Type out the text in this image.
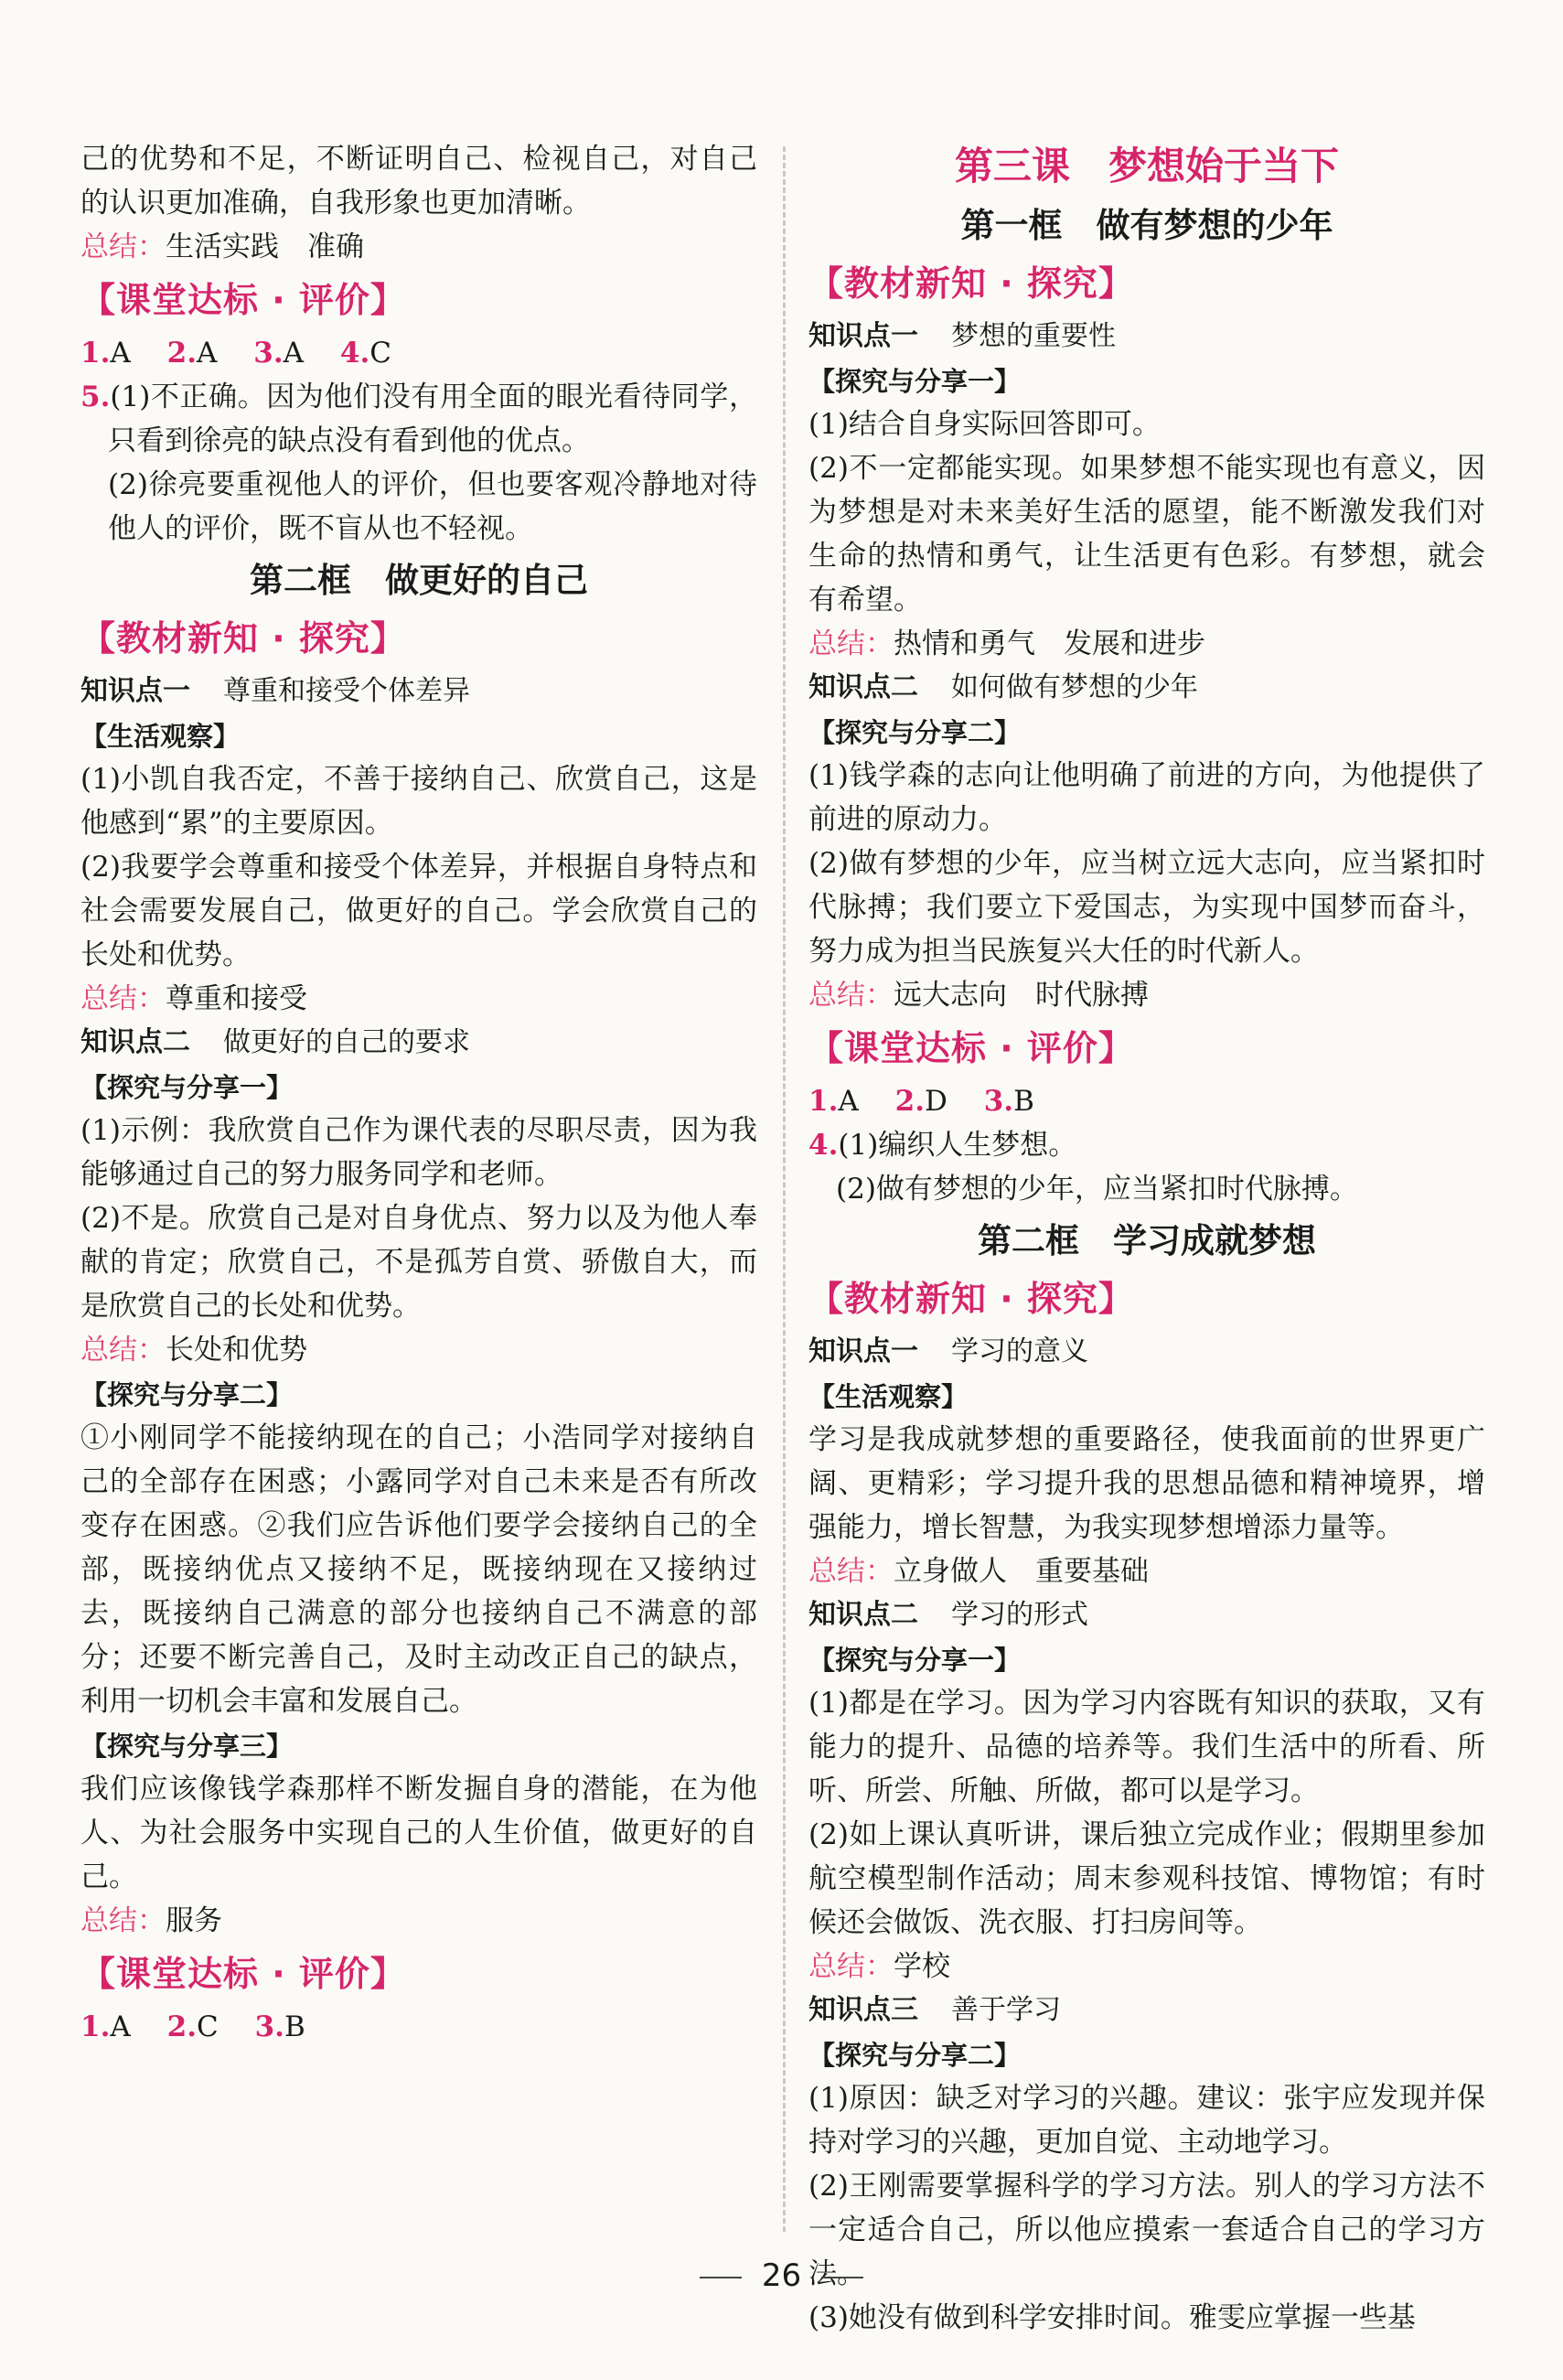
己的优势和不足，不断证明自己、检视自己，对自己的认识更加准确，自我形象也更加清晰。

总结：生活实践　准确

【课堂达标 · 评价】

1.A 2.A 3.A 4.C

5.(1)不正确。因为他们没有用全面的眼光看待同学，只看到徐亮的缺点没有看到他的优点。

(2)徐亮要重视他人的评价，但也要客观冷静地对待他人的评价，既不盲从也不轻视。

第二框　做更好的自己

【教材新知 · 探究】

知识点一 尊重和接受个体差异

【生活观察】

(1)小凯自我否定，不善于接纳自己、欣赏自己，这是他感到“累”的主要原因。

(2)我要学会尊重和接受个体差异，并根据自身特点和社会需要发展自己，做更好的自己。学会欣赏自己的长处和优势。

总结：尊重和接受

知识点二 做更好的自己的要求

【探究与分享一】

(1)示例：我欣赏自己作为课代表的尽职尽责，因为我能够通过自己的努力服务同学和老师。

(2)不是。欣赏自己是对自身优点、努力以及为他人奉献的肯定；欣赏自己，不是孤芳自赏、骄傲自大，而是欣赏自己的长处和优势。

总结：长处和优势

【探究与分享二】

①小刚同学不能接纳现在的自己；小浩同学对接纳自己的全部存在困惑；小露同学对自己未来是否有所改变存在困惑。②我们应告诉他们要学会接纳自己的全部，既接纳优点又接纳不足，既接纳现在又接纳过去，既接纳自己满意的部分也接纳自己不满意的部分；还要不断完善自己，及时主动改正自己的缺点，利用一切机会丰富和发展自己。

【探究与分享三】

我们应该像钱学森那样不断发掘自身的潜能，在为他人、为社会服务中实现自己的人生价值，做更好的自己。

总结：服务

【课堂达标 · 评价】

1.A 2.C 3.B

第三课　梦想始于当下

第一框　做有梦想的少年

【教材新知 · 探究】

知识点一 梦想的重要性

【探究与分享一】

(1)结合自身实际回答即可。

(2)不一定都能实现。如果梦想不能实现也有意义，因为梦想是对未来美好生活的愿望，能不断激发我们对生命的热情和勇气，让生活更有色彩。有梦想，就会有希望。

总结：热情和勇气　发展和进步

知识点二 如何做有梦想的少年

【探究与分享二】

(1)钱学森的志向让他明确了前进的方向，为他提供了前进的原动力。

(2)做有梦想的少年，应当树立远大志向，应当紧扣时代脉搏；我们要立下爱国志，为实现中国梦而奋斗，努力成为担当民族复兴大任的时代新人。

总结：远大志向　时代脉搏

【课堂达标 · 评价】

1.A 2.D 3.B

4.(1)编织人生梦想。

(2)做有梦想的少年，应当紧扣时代脉搏。

第二框　学习成就梦想

【教材新知 · 探究】

知识点一 学习的意义

【生活观察】

学习是我成就梦想的重要路径，使我面前的世界更广阔、更精彩；学习提升我的思想品德和精神境界，增强能力，增长智慧，为我实现梦想增添力量等。

总结：立身做人　重要基础

知识点二 学习的形式

【探究与分享一】

(1)都是在学习。因为学习内容既有知识的获取，又有能力的提升、品德的培养等。我们生活中的所看、所听、所尝、所触、所做，都可以是学习。

(2)如上课认真听讲，课后独立完成作业；假期里参加航空模型制作活动；周末参观科技馆、博物馆；有时候还会做饭、洗衣服、打扫房间等。

总结：学校

知识点三 善于学习

【探究与分享二】

(1)原因：缺乏对学习的兴趣。建议：张宇应发现并保持对学习的兴趣，更加自觉、主动地学习。

(2)王刚需要掌握科学的学习方法。别人的学习方法不一定适合自己，所以他应摸索一套适合自己的学习方法。

(3)她没有做到科学安排时间。雅雯应掌握一些基

26
